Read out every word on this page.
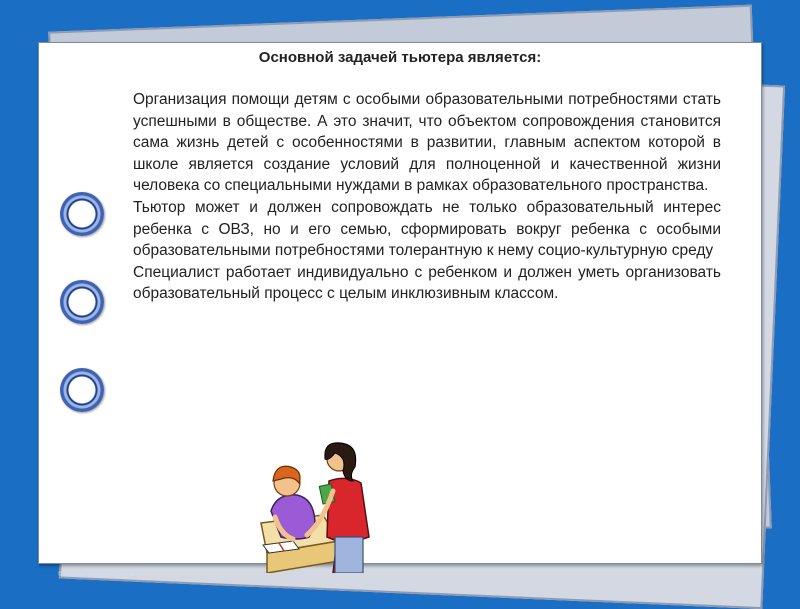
Основной задачей тьютера является:

Организация помощи детям с особыми образовательными потребностями стать успешными в обществе. А это значит, что объектом сопровождения становится сама жизнь детей с особенностями в развитии, главным аспектом которой в школе является создание условий для полноценной и качественной жизни человека со специальными нуждами в рамках образовательного пространства.

Тьютор может и должен сопровождать не только образовательный интерес ребенка с ОВЗ, но и его семью, сформировать вокруг ребенка с особыми образовательными потребностями толерантную к нему социо-культурную среду

Специалист работает индивидуально с ребенком и должен уметь организовать образовательный процесс с целым инклюзивным классом.

© Фомина Лидия Петровна
